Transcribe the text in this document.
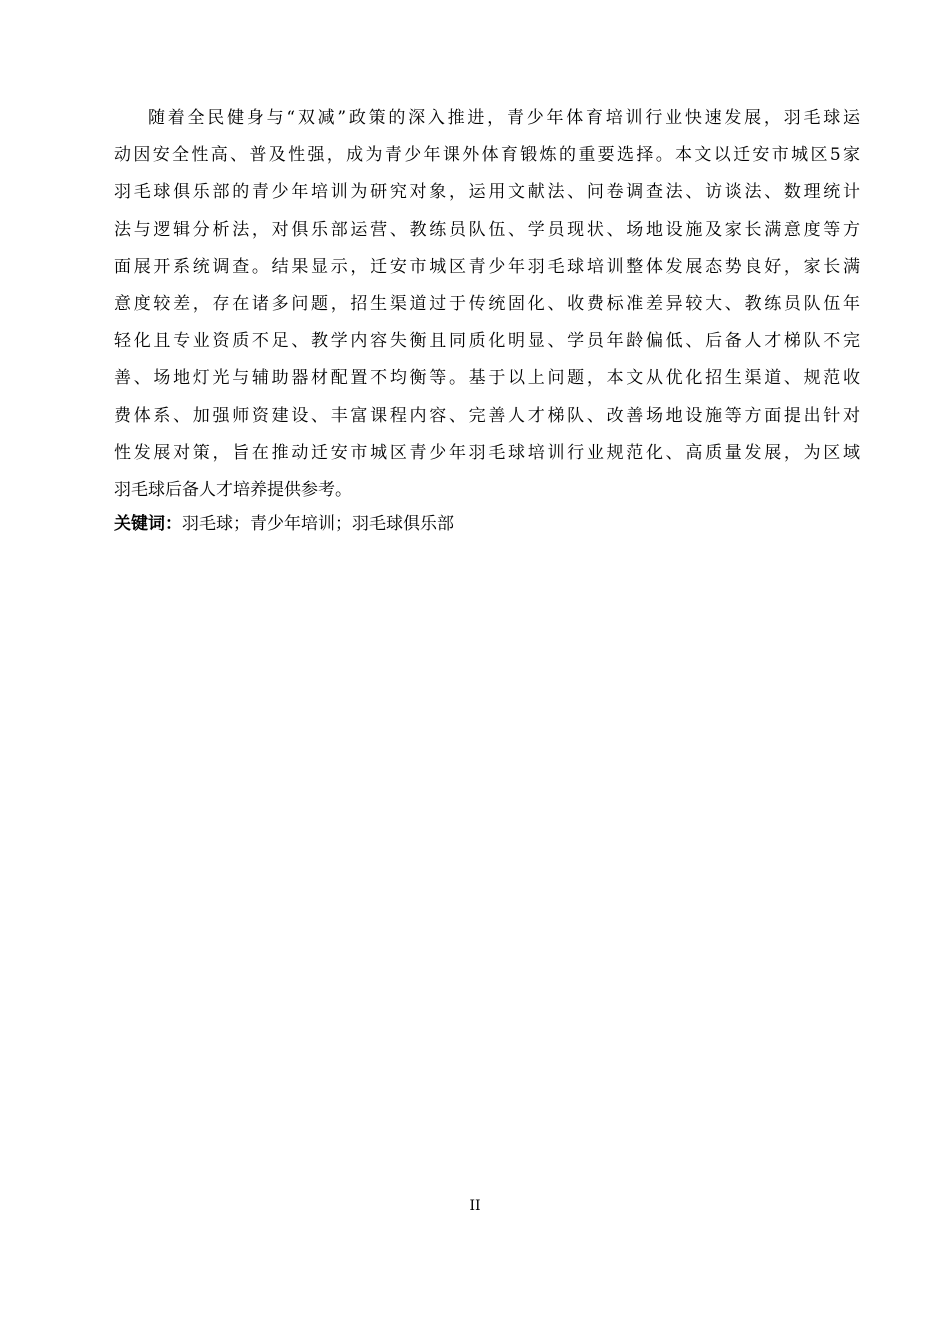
随着全民健身与“双减”政策的深入推进，青少年体育培训行业快速发展，羽毛球运
动因安全性高、普及性强，成为青少年课外体育锻炼的重要选择。本文以迁安市城区5家
羽毛球俱乐部的青少年培训为研究对象，运用文献法、问卷调查法、访谈法、数理统计
法与逻辑分析法，对俱乐部运营、教练员队伍、学员现状、场地设施及家长满意度等方
面展开系统调查。结果显示，迁安市城区青少年羽毛球培训整体发展态势良好，家长满
意度较差，存在诸多问题，招生渠道过于传统固化、收费标准差异较大、教练员队伍年
轻化且专业资质不足、教学内容失衡且同质化明显、学员年龄偏低、后备人才梯队不完
善、场地灯光与辅助器材配置不均衡等。基于以上问题，本文从优化招生渠道、规范收
费体系、加强师资建设、丰富课程内容、完善人才梯队、改善场地设施等方面提出针对
性发展对策，旨在推动迁安市城区青少年羽毛球培训行业规范化、高质量发展，为区域
羽毛球后备人才培养提供参考。
关键词：羽毛球；青少年培训；羽毛球俱乐部
II
